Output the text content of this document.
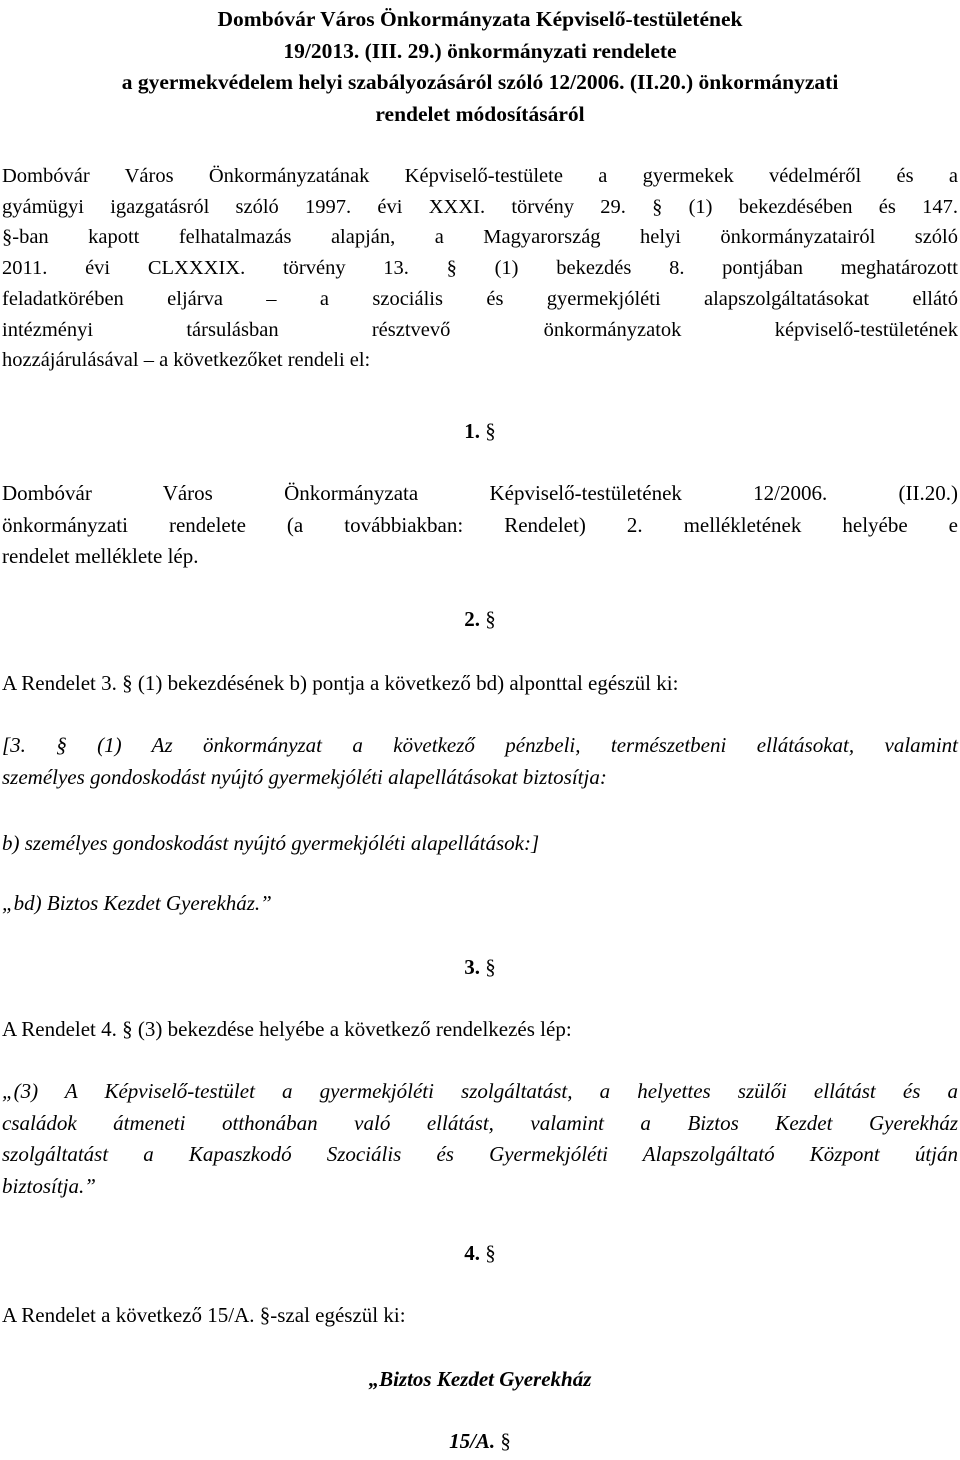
Dombóvár Város Önkormányzata Képviselő-testületének
19/2013. (III. 29.) önkormányzati rendelete
a gyermekvédelem helyi szabályozásáról szóló 12/2006. (II.20.) önkormányzati
rendelet módosításáról
Dombóvár Város Önkormányzatának Képviselő-testülete a gyermekek védelméről és a
gyámügyi igazgatásról szóló 1997. évi XXXI. törvény 29. § (1) bekezdésében és 147.
§-ban kapott felhatalmazás alapján, a Magyarország helyi önkormányzatairól szóló
2011. évi CLXXXIX. törvény 13. § (1) bekezdés 8. pontjában meghatározott
feladatkörében eljárva – a szociális és gyermekjóléti alapszolgáltatásokat ellátó
intézményi társulásban résztvevő önkormányzatok képviselő-testületének
hozzájárulásával – a következőket rendeli el:
1. §
Dombóvár Város Önkormányzata Képviselő-testületének 12/2006. (II.20.)
önkormányzati rendelete (a továbbiakban: Rendelet) 2. mellékletének helyébe e
rendelet melléklete lép.
2. §
A Rendelet 3. § (1) bekezdésének b) pontja a következő bd) alponttal egészül ki:
[3. § (1) Az önkormányzat a következő pénzbeli, természetbeni ellátásokat, valamint
személyes gondoskodást nyújtó gyermekjóléti alapellátásokat biztosítja:
b) személyes gondoskodást nyújtó gyermekjóléti alapellátások:]
„bd) Biztos Kezdet Gyerekház.”
3. §
A Rendelet 4. § (3) bekezdése helyébe a következő rendelkezés lép:
„(3) A Képviselő-testület a gyermekjóléti szolgáltatást, a helyettes szülői ellátást és a
családok átmeneti otthonában való ellátást, valamint a Biztos Kezdet Gyerekház
szolgáltatást a Kapaszkodó Szociális és Gyermekjóléti Alapszolgáltató Központ útján
biztosítja.”
4. §
A Rendelet a következő 15/A. §-szal egészül ki:
„Biztos Kezdet Gyerekház
15/A. §
